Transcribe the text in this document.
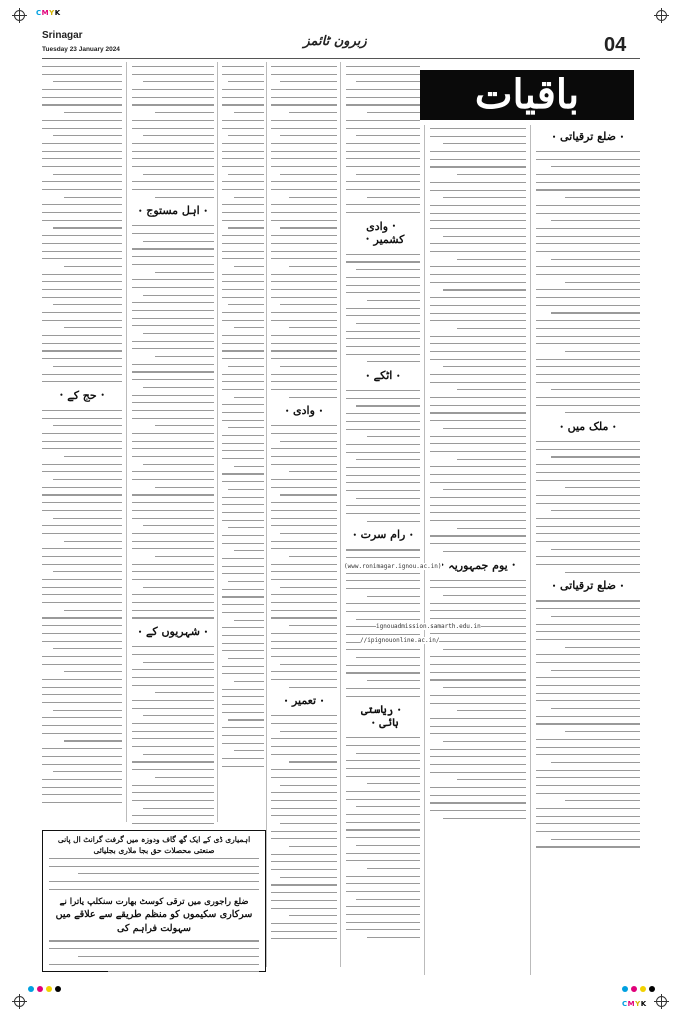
CMYK
CMYK
Srinagar
Tuesday 23 January 2024
زبرون ٹائمز	04
باقیات
• ضلع ترقیاتی •
• ملک میں •
• ضلع ترقیاتی •
• یوم جمہوریہ •
• وادی کشمیر •
• اٹکے •
• رام سرت •
• ریاستی ہائی •
(www.ronimagar.ignou.ac.in)
ignouadmission.samarth.edu.in
//ipignouonline.ac.in/
• وادی •
• تعمیر •
• اہل مستوج •
• شہریوں کے •
• حج کے •
اہمیاری ڈی کے ایک گھ گاف ودوزہ میں گرفت گرانٹ ال پانی صنعتی محصلات حق بجا ملاری بجلیائی
ضلع راجوری میں ترقی کوسٹ بھارت سنکلپ یاترا نے
سرکاری سکیموں کو منظم طریقے سے علاقے میں سہولت فراہم کی
